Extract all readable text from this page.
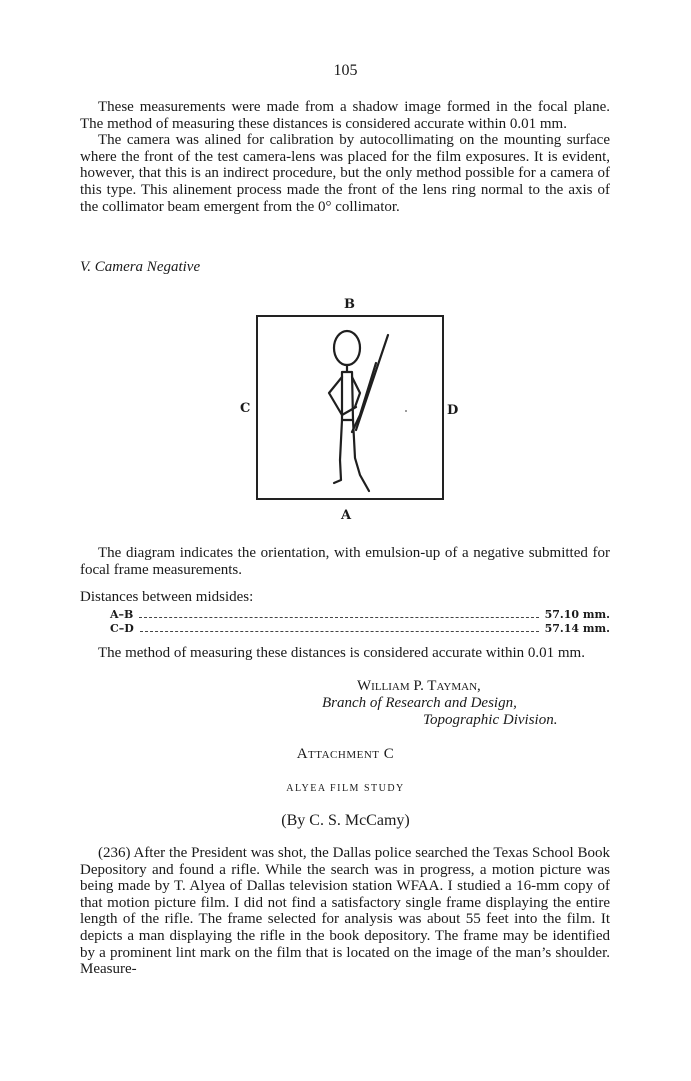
105

These measurements were made from a shadow image formed in the focal plane. The method of measuring these distances is considered accurate within 0.01 mm.

The camera was alined for calibration by autocollimating on the mounting surface where the front of the test camera-lens was placed for the film exposures. It is evident, however, that this is an indirect procedure, but the only method possible for a camera of this type. This alinement process made the front of the lens ring normal to the axis of the collimator beam emergent from the 0° collimator.

V. Camera Negative
B
C	D
A

The diagram indicates the orientation, with emulsion-up of a negative submitted for focal frame measurements.

Distances between midsides:
A–B	57.10 mm.
C–D	57.14 mm.

The method of measuring these distances is considered accurate within 0.01 mm.

William P. Tayman,
Branch of Research and Design,
Topographic Division.
Attachment C
ALYEA FILM STUDY
(By C. S. McCamy)

(236) After the President was shot, the Dallas police searched the Texas School Book Depository and found a rifle. While the search was in progress, a motion picture was being made by T. Alyea of Dallas television station WFAA. I studied a 16-mm copy of that motion picture film. I did not find a satisfactory single frame displaying the entire length of the rifle. The frame selected for analysis was about 55 feet into the film. It depicts a man displaying the rifle in the book depository. The frame may be identified by a prominent lint mark on the film that is located on the image of the man’s shoulder. Measure-
